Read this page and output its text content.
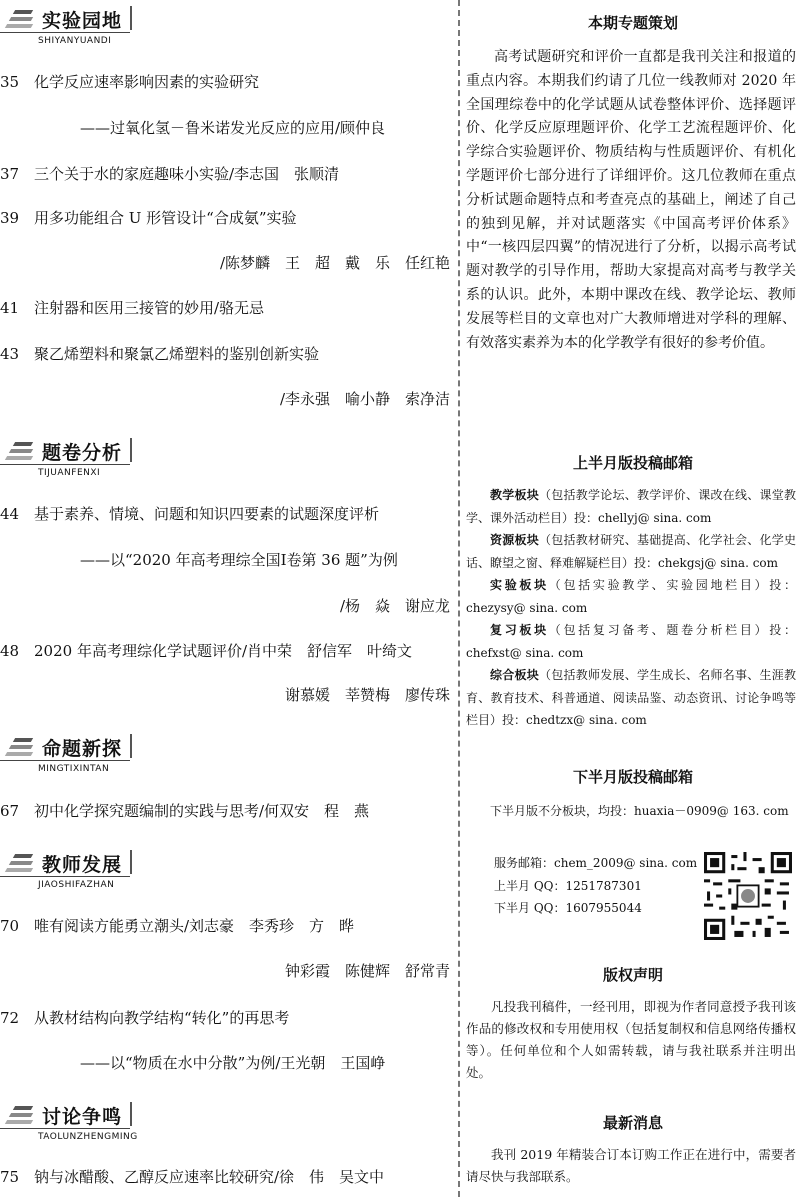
实验园地
SHIYANYUANDI
35 化学反应速率影响因素的实验研究
——过氧化氢－鲁米诺发光反应的应用/顾仲良
37 三个关于水的家庭趣味小实验/李志国　张顺清
39 用多功能组合 U 形管设计“合成氨”实验
/陈梦麟　王　超　戴　乐　任红艳
41 注射器和医用三接管的妙用/骆无忌
43 聚乙烯塑料和聚氯乙烯塑料的鉴别创新实验
/李永强　喻小静　索净洁
题卷分析
TIJUANFENXI
44 基于素养、情境、问题和知识四要素的试题深度评析
——以“2020 年高考理综全国Ⅰ卷第 36 题”为例
/杨　焱　谢应龙
48 2020 年高考理综化学试题评价/肖中荣　舒信军　叶绮文
谢慕媛　莘赞梅　廖传珠
命题新探
MINGTIXINTAN
67 初中化学探究题编制的实践与思考/何双安　程　燕
教师发展
JIAOSHIFAZHAN
70 唯有阅读方能勇立潮头/刘志豪　李秀珍　方　晔
钟彩霞　陈健辉　舒常青
72 从教材结构向教学结构“转化”的再思考
——以“物质在水中分散”为例/王光朝　王国峥
讨论争鸣
TAOLUNZHENGMING
75 钠与冰醋酸、乙醇反应速率比较研究/徐　伟　吴文中
本期专题策划
高考试题研究和评价一直都是我刊关注和报道的重点内容。本期我们约请了几位一线教师对 2020 年全国理综卷中的化学试题从试卷整体评价、选择题评价、化学反应原理题评价、化学工艺流程题评价、化学综合实验题评价、物质结构与性质题评价、有机化学题评价七部分进行了详细评价。这几位教师在重点分析试题命题特点和考查亮点的基础上，阐述了自己的独到见解，并对试题落实《中国高考评价体系》中“一核四层四翼”的情况进行了分析，以揭示高考试题对教学的引导作用，帮助大家提高对高考与教学关系的认识。此外，本期中课改在线、教学论坛、教师发展等栏目的文章也对广大教师增进对学科的理解、有效落实素养为本的化学教学有很好的参考价值。
上半月版投稿邮箱

教学板块（包括教学论坛、教学评价、课改在线、课堂教学、课外活动栏目）投：chellyj@ sina. com

资源板块（包括教材研究、基础提高、化学社会、化学史话、瞭望之窗、释难解疑栏目）投：chekgsj@ sina. com

实验板块（包括实验教学、实验园地栏目）投：chezysy@ sina. com

复习板块（包括复习备考、题卷分析栏目）投：chefxst@ sina. com

综合板块（包括教师发展、学生成长、名师名事、生涯教育、教育技术、科普通道、阅读品鉴、动态资讯、讨论争鸣等栏目）投：chedtzx@ sina. com

下半月版投稿邮箱
下半月版不分板块，均投：huaxia－0909@ 163. com
服务邮箱：chem_2009@ sina. com
上半月 QQ：1251787301
下半月 QQ：1607955044
版权声明
凡投我刊稿件，一经刊用，即视为作者同意授予我刊该作品的修改权和专用使用权（包括复制权和信息网络传播权等）。任何单位和个人如需转载，请与我社联系并注明出处。
最新消息
我刊 2019 年精装合订本订购工作正在进行中，需要者请尽快与我部联系。
